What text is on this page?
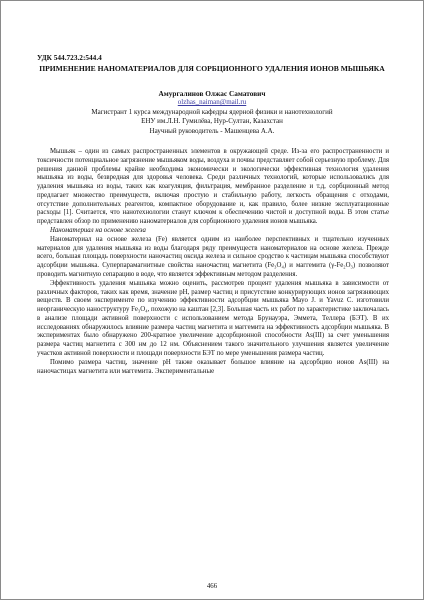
УДК 544.723.2:544.4
ПРИМЕНЕНИЕ НАНОМАТЕРИАЛОВ ДЛЯ СОРБЦИОННОГО УДАЛЕНИЯ ИОНОВ МЫШЬЯКА
Амургалинов Олжас Саматович
olzhas_naiman@mail.ru
Магистрант 1 курса международной кафедры ядерной физики и нанотехнологий
ЕНУ им.Л.Н. Гумилёва, Нур-Султан, Казахстан
Научный руководитель - Машенцева А.А.

Мышьяк – один из самых распространенных элементов в окружающей среде. Из-за его распространенности и токсичности потенциальное загрязнение мышьяком воды, воздуха и почвы представляет собой серьезную проблему. Для решения данной проблемы крайне необходима экономически и экологически эффективная технология удаления мышьяка из воды, безвредная для здоровья человека. Среди различных технологий, которые использовались для удаления мышьяка из воды, таких как коагуляция, фильтрация, мембранное разделение и т.д, сорбционный метод предлагает множество преимуществ, включая простую и стабильную работу, легкость обращения с отходами, отсутствие дополнительных реагентов, компактное оборудование и, как правило, более низкие эксплуатационные расходы [1]. Считается, что нанотехнологии станут ключом к обеспечению чистой и доступной воды. В этом статье представлен обзор по применению наноматериалов для сорбционного удаления ионов мышьяка.

Наноматериал на основе железа

Наноматериал на основе железа (Fe) является одним из наиболее перспективных и тщательно изученных материалов для удаления мышьяка из воды благодаря ряду преимуществ наноматериалов на основе железа. Прежде всего, большая площадь поверхности наночастиц оксида железа и сильное сродство к частицам мышьяка способствуют адсорбции мышьяка. Суперпарамагнитные свойства наночастиц магнетита (Fe₃O₄) и маггемита (γ-Fe₂O₃) позволяют проводить магнитную сепарацию в воде, что является эффективным методом разделения.

Эффективность удаления мышьяка можно оценить, рассмотрев процент удаления мышьяка в зависимости от различных факторов, таких как время, значение pH, размер частиц и присутствие конкурирующих ионов загрязняющих веществ. В своем эксперименте по изучению эффективности адсорбции мышьяка Mayo J. и Yavuz C. изготовили неорганическую наноструктуру Fe₃O₄, похожую на каштан [2,3]. Большая часть их работ по характеристике заключалась в анализе площади активной поверхности с использованием метода Брунауэра, Эммета, Теллера (БЭТ). В их исследованиях обнаружилось влияние размера частиц магнетита и маггемита на эффективность адсорбции мышьяка. В экспериментах было обнаружено 200-кратное увеличение адсорбционной способности As(III) за счет уменьшения размера частиц магнетита с 300 нм до 12 нм. Объяснением такого значительного улучшения является увеличение участков активной поверхности и площади поверхности БЭТ по мере уменьшения размера частиц.

Помимо размера частиц, значение pH также оказывает большое влияние на адсорбцию ионов As(III) на наночастицах магнетита или маггемита. Экспериментальные

466
